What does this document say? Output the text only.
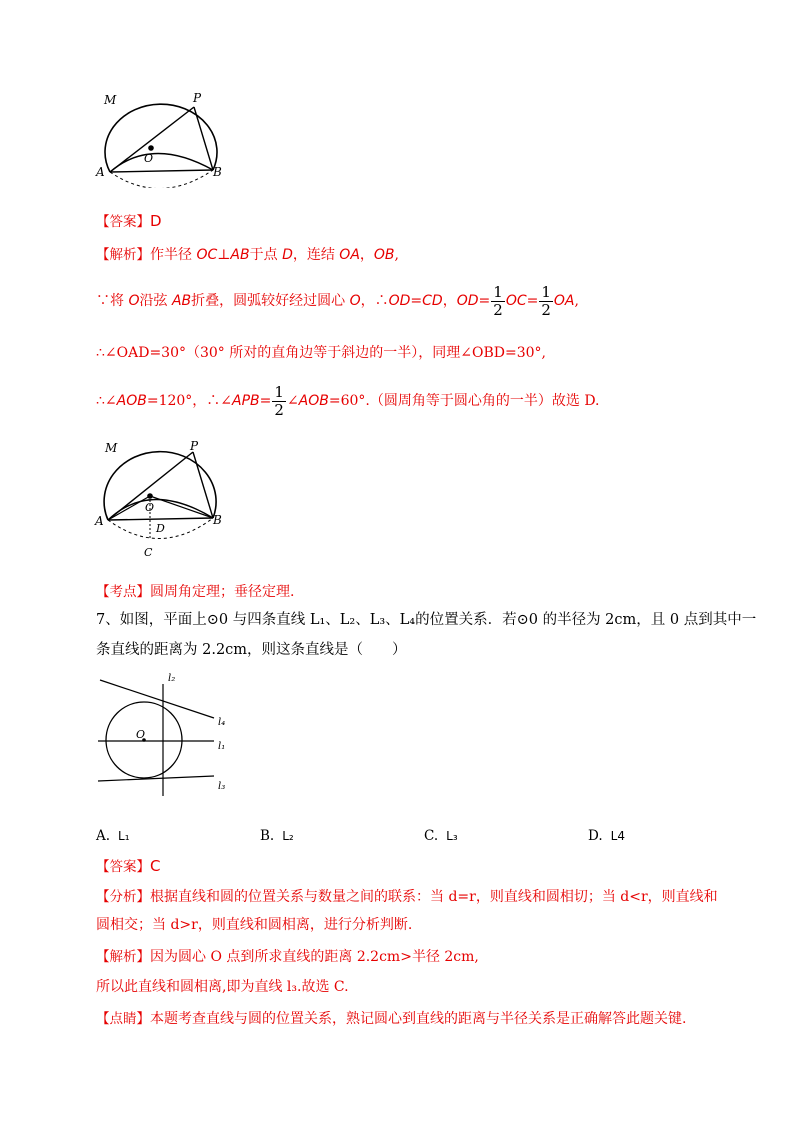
M	P
O
A	B
【答案】D
【解析】作半径 OC⊥AB于点 D，连结 OA，OB,
∵将 O沿弦 AB折叠，圆弧较好经过圆心 O，∴OD=CD，$OD= \frac{1}{2} OC= \frac{1}{2}$ OA,
∴∠OAD=30°（30° 所对的直角边等于斜边的一半），同理∠OBD=30°,
∴∠AOB=120°，∴∠APB= $\frac{1}{2}$ ∠AOB=60°.（圆周角等于圆心角的一半）故选 D.
M	P
O
A	B
D
C
【考点】圆周角定理；垂径定理.
7、如图，平面上⊙0 与四条直线 L₁、L₂、L₃、L₄的位置关系．若⊙0 的半径为 2cm，且 0 点到其中一
条直线的距离为 2.2cm，则这条直线是（　　）
O
l₁
l₂
l₃
l₄
A. L₁	B. L₂	C. L₃	D. L4
【答案】C
【分析】根据直线和圆的位置关系与数量之间的联系：当 d=r，则直线和圆相切；当 d<r，则直线和
圆相交；当 d>r，则直线和圆相离，进行分析判断.
【解析】因为圆心 O 点到所求直线的距离 2.2cm>半径 2cm,
所以此直线和圆相离,即为直线 l₃.故选 C.
【点睛】本题考查直线与圆的位置关系，熟记圆心到直线的距离与半径关系是正确解答此题关键.
